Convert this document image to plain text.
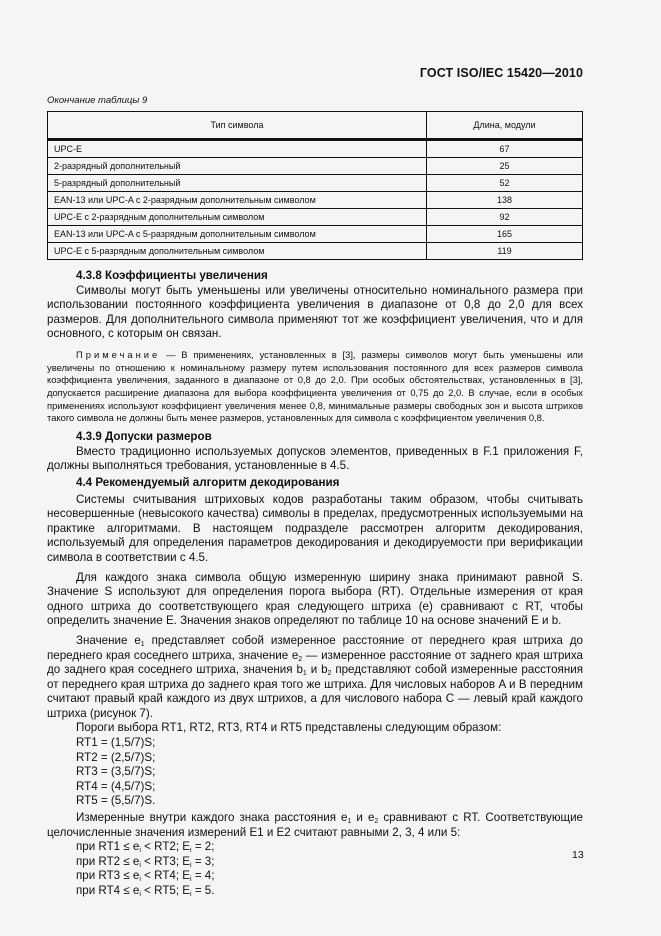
ГОСТ ISO/IEC 15420—2010
Окончание таблицы 9
Тип символа	Длина, модули
UPC-E	67
2-разрядный дополнительный	25
5-разрядный дополнительный	52
EAN-13 или UPC-A с 2-разрядным дополнительным символом	138
UPC-E с 2-разрядным дополнительным символом	92
EAN-13 или UPC-A с 5-разрядным дополнительным символом	165
UPC-E с 5-разрядным дополнительным символом	119
4.3.8 Коэффициенты увеличения

Символы могут быть уменьшены или увеличены относительно номинального размера при использовании постоянного коэффициента увеличения в диапазоне от 0,8 до 2,0 для всех размеров. Для дополнительного символа применяют тот же коэффициент увеличения, что и для основного, с которым он связан.

Примечание — В применениях, установленных в [3], размеры символов могут быть уменьшены или увеличены по отношению к номинальному размеру путем использования постоянного для всех размеров символа коэффициента увеличения, заданного в диапазоне от 0,8 до 2,0. При особых обстоятельствах, установленных в [3], допускается расширение диапазона для выбора коэффициента увеличения от 0,75 до 2,0. В случае, если в особых применениях используют коэффициент увеличения менее 0,8, минимальные размеры свободных зон и высота штрихов такого символа не должны быть менее размеров, установленных для символа с коэффициентом увеличения 0,8.

4.3.9 Допуски размеров

Вместо традиционно используемых допусков элементов, приведенных в F.1 приложения F, должны выполняться требования, установленные в 4.5.

4.4 Рекомендуемый алгоритм декодирования

Системы считывания штриховых кодов разработаны таким образом, чтобы считывать несовершенные (невысокого качества) символы в пределах, предусмотренных используемыми на практике алгоритмами. В настоящем подразделе рассмотрен алгоритм декодирования, используемый для определения параметров декодирования и декодируемости при верификации символа в соответствии с 4.5.

Для каждого знака символа общую измеренную ширину знака принимают равной S. Значение S используют для определения порога выбора (RT). Отдельные измерения от края одного штриха до соответствующего края следующего штриха (e) сравнивают с RT, чтобы определить значение E. Значения знаков определяют по таблице 10 на основе значений E и b.

Значение $e_1$ представляет собой измеренное расстояние от переднего края штриха до переднего края соседнего штриха, значение $e_2$ — измеренное расстояние от заднего края штриха до заднего края соседнего штриха, значения $b_1$ и $b_2$ представляют собой измеренные расстояния от переднего края штриха до заднего края того же штриха. Для числовых наборов A и B передним считают правый край каждого из двух штрихов, а для числового набора C — левый край каждого штриха (рисунок 7).

Пороги выбора RT1, RT2, RT3, RT4 и RT5 представлены следующим образом:
RT1 = (1,5/7)S;
RT2 = (2,5/7)S;
RT3 = (3,5/7)S;
RT4 = (4,5/7)S;
RT5 = (5,5/7)S.

Измеренные внутри каждого знака расстояния $e_1$ и $e_2$ сравнивают с RT. Соответствующие целочисленные значения измерений E1 и E2 считают равными 2, 3, 4 или 5:

при $RT1 \le e_i < RT2$; $E_i = 2$;
при $RT2 \le e_i < RT3$; $E_i = 3$;
при $RT3 \le e_i < RT4$; $E_i = 4$;
при $RT4 \le e_i < RT5$; $E_i = 5$.
13
